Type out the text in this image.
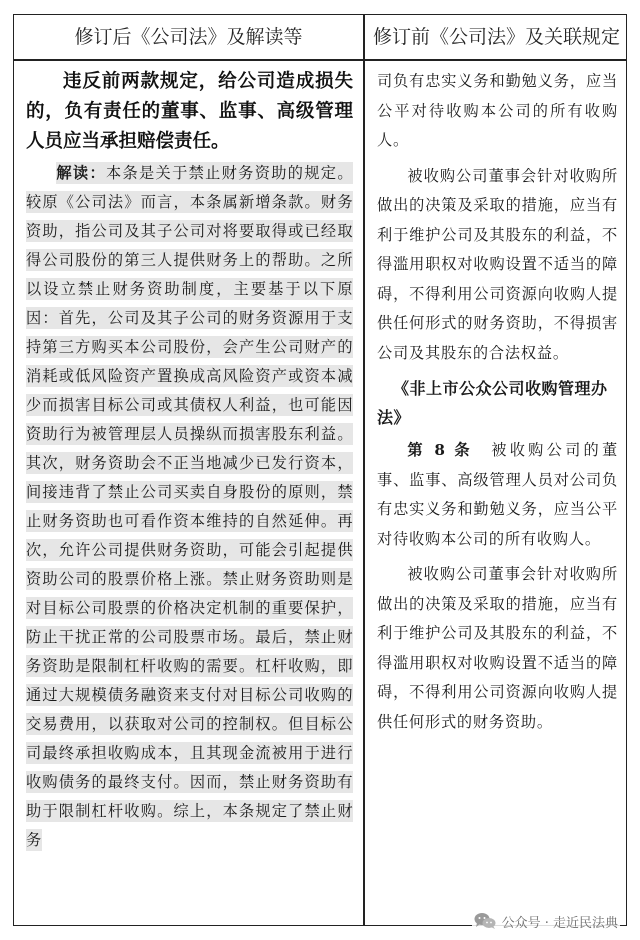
修订后《公司法》及解读等	修订前《公司法》及关联规定

违反前两款规定，给公司造成损失的，负有责任的董事、监事、高级管理人员应当承担赔偿责任。

解读：本条是关于禁止财务资助的规定。较原《公司法》而言，本条属新增条款。财务资助，指公司及其子公司对将要取得或已经取得公司股份的第三人提供财务上的帮助。之所以设立禁止财务资助制度，主要基于以下原因：首先，公司及其子公司的财务资源用于支持第三方购买本公司股份，会产生公司财产的消耗或低风险资产置换成高风险资产或资本减少而损害目标公司或其债权人利益，也可能因资助行为被管理层人员操纵而损害股东利益。其次，财务资助会不正当地减少已发行资本，间接违背了禁止公司买卖自身股份的原则，禁止财务资助也可看作资本维持的自然延伸。再次，允许公司提供财务资助，可能会引起提供资助公司的股票价格上涨。禁止财务资助则是对目标公司股票的价格决定机制的重要保护，防止干扰正常的公司股票市场。最后，禁止财务资助是限制杠杆收购的需要。杠杆收购，即通过大规模债务融资来支付对目标公司收购的交易费用，以获取对公司的控制权。但目标公司最终承担收购成本，且其现金流被用于进行收购债务的最终支付。因而，禁止财务资助有助于限制杠杆收购。综上，本条规定了禁止财务

司负有忠实义务和勤勉义务，应当公平对待收购本公司的所有收购人。

被收购公司董事会针对收购所做出的决策及采取的措施，应当有利于维护公司及其股东的利益，不得滥用职权对收购设置不适当的障碍，不得利用公司资源向收购人提供任何形式的财务资助，不得损害公司及其股东的合法权益。

《非上市公众公司收购管理办法》

第 8 条　 被收购公司的董事、监事、高级管理人员对公司负有忠实义务和勤勉义务，应当公平对待收购本公司的所有收购人。

被收购公司董事会针对收购所做出的决策及采取的措施，应当有利于维护公司及其股东的利益，不得滥用职权对收购设置不适当的障碍，不得利用公司资源向收购人提供任何形式的财务资助。

公众号 · 走近民法典
